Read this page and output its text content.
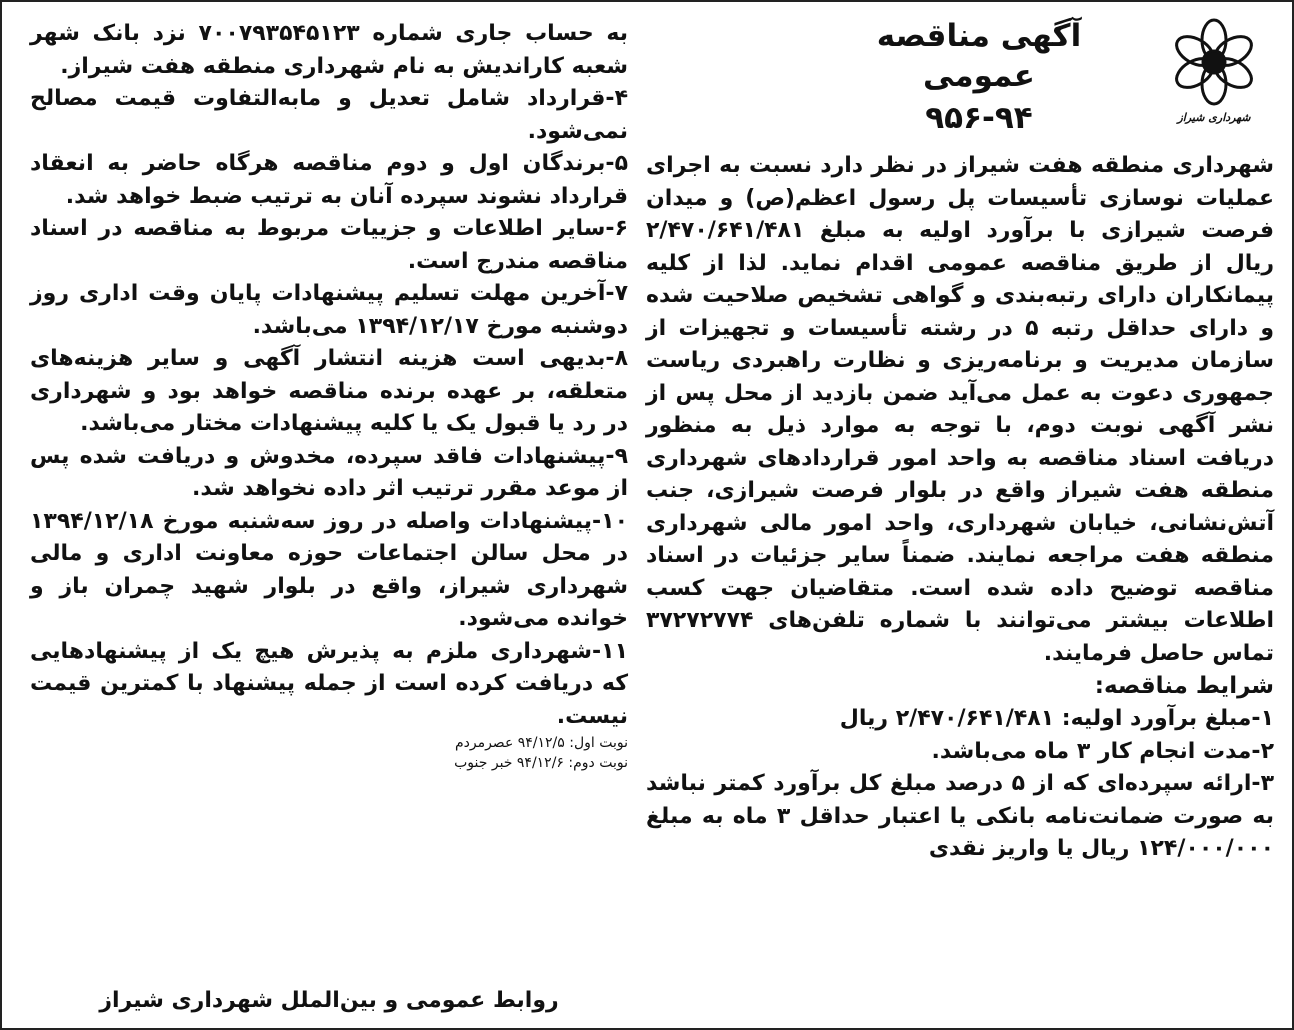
شهرداری شیراز
آگهی مناقصه عمومی
۹۵۶-۹۴

شهرداری منطقه هفت شیراز در نظر دارد نسبت به اجرای عملیات نوسازی تأسیسات پل رسول اعظم(ص) و میدان فرصت شیرازی با برآورد اولیه به مبلغ ۲/۴۷۰/۶۴۱/۴۸۱ ریال از طریق مناقصه عمومی اقدام نماید. لذا از کلیه پیمانکاران دارای رتبه‌بندی و گواهی تشخیص صلاحیت شده و دارای حداقل رتبه ۵ در رشته تأسیسات و تجهیزات از سازمان مدیریت و برنامه‌ریزی و نظارت راهبردی ریاست جمهوری دعوت به عمل می‌آید ضمن بازدید از محل پس از نشر آگهی نوبت دوم، با توجه به موارد ذیل به منظور دریافت اسناد مناقصه به واحد امور قراردادهای شهرداری منطقه هفت شیراز واقع در بلوار فرصت شیرازی، جنب آتش‌نشانی، خیابان شهرداری، واحد امور مالی شهرداری منطقه هفت مراجعه نمایند. ضمناً سایر جزئیات در اسناد مناقصه توضیح داده شده است. متقاضیان جهت کسب اطلاعات بیشتر می‌توانند با شماره تلفن‌های ۳۷۲۷۲۷۷۴ تماس حاصل فرمایند.

شرایط مناقصه:

۱-مبلغ برآورد اولیه: ۲/۴۷۰/۶۴۱/۴۸۱ ریال

۲-مدت انجام کار ۳ ماه می‌باشد.

۳-ارائه سپرده‌ای که از ۵ درصد مبلغ کل برآورد کمتر نباشد به صورت ضمانت‌نامه بانکی یا اعتبار حداقل ۳ ماه به مبلغ ۱۲۴/۰۰۰/۰۰۰ ریال یا واریز نقدی

به حساب جاری شماره ۷۰۰۷۹۳۵۴۵۱۲۳ نزد بانک شهر شعبه کاراندیش به نام شهرداری منطقه هفت شیراز.

۴-قرارداد شامل تعدیل و مابه‌التفاوت قیمت مصالح نمی‌شود.

۵-برندگان اول و دوم مناقصه هرگاه حاضر به انعقاد قرارداد نشوند سپرده آنان به ترتیب ضبط خواهد شد.

۶-سایر اطلاعات و جزییات مربوط به مناقصه در اسناد مناقصه مندرج است.

۷-آخرین مهلت تسلیم پیشنهادات پایان وقت اداری روز دوشنبه مورخ ۱۳۹۴/۱۲/۱۷ می‌باشد.

۸-بدیهی است هزینه انتشار آگهی و سایر هزینه‌های متعلقه، بر عهده برنده مناقصه خواهد بود و شهرداری در رد یا قبول یک یا کلیه پیشنهادات مختار می‌باشد.

۹-پیشنهادات فاقد سپرده، مخدوش و دریافت شده پس از موعد مقرر ترتیب اثر داده نخواهد شد.

۱۰-پیشنهادات واصله در روز سه‌شنبه مورخ ۱۳۹۴/۱۲/۱۸ در محل سالن اجتماعات حوزه معاونت اداری و مالی شهرداری شیراز، واقع در بلوار شهید چمران باز و خوانده می‌شود.

۱۱-شهرداری ملزم به پذیرش هیچ یک از پیشنهادهایی که دریافت کرده است از جمله پیشنهاد با کمترین قیمت نیست.

نوبت اول: ۹۴/۱۲/۵ عصرمردم

نوبت دوم: ۹۴/۱۲/۶ خبر جنوب

روابط عمومی و بین‌الملل شهرداری شیراز
